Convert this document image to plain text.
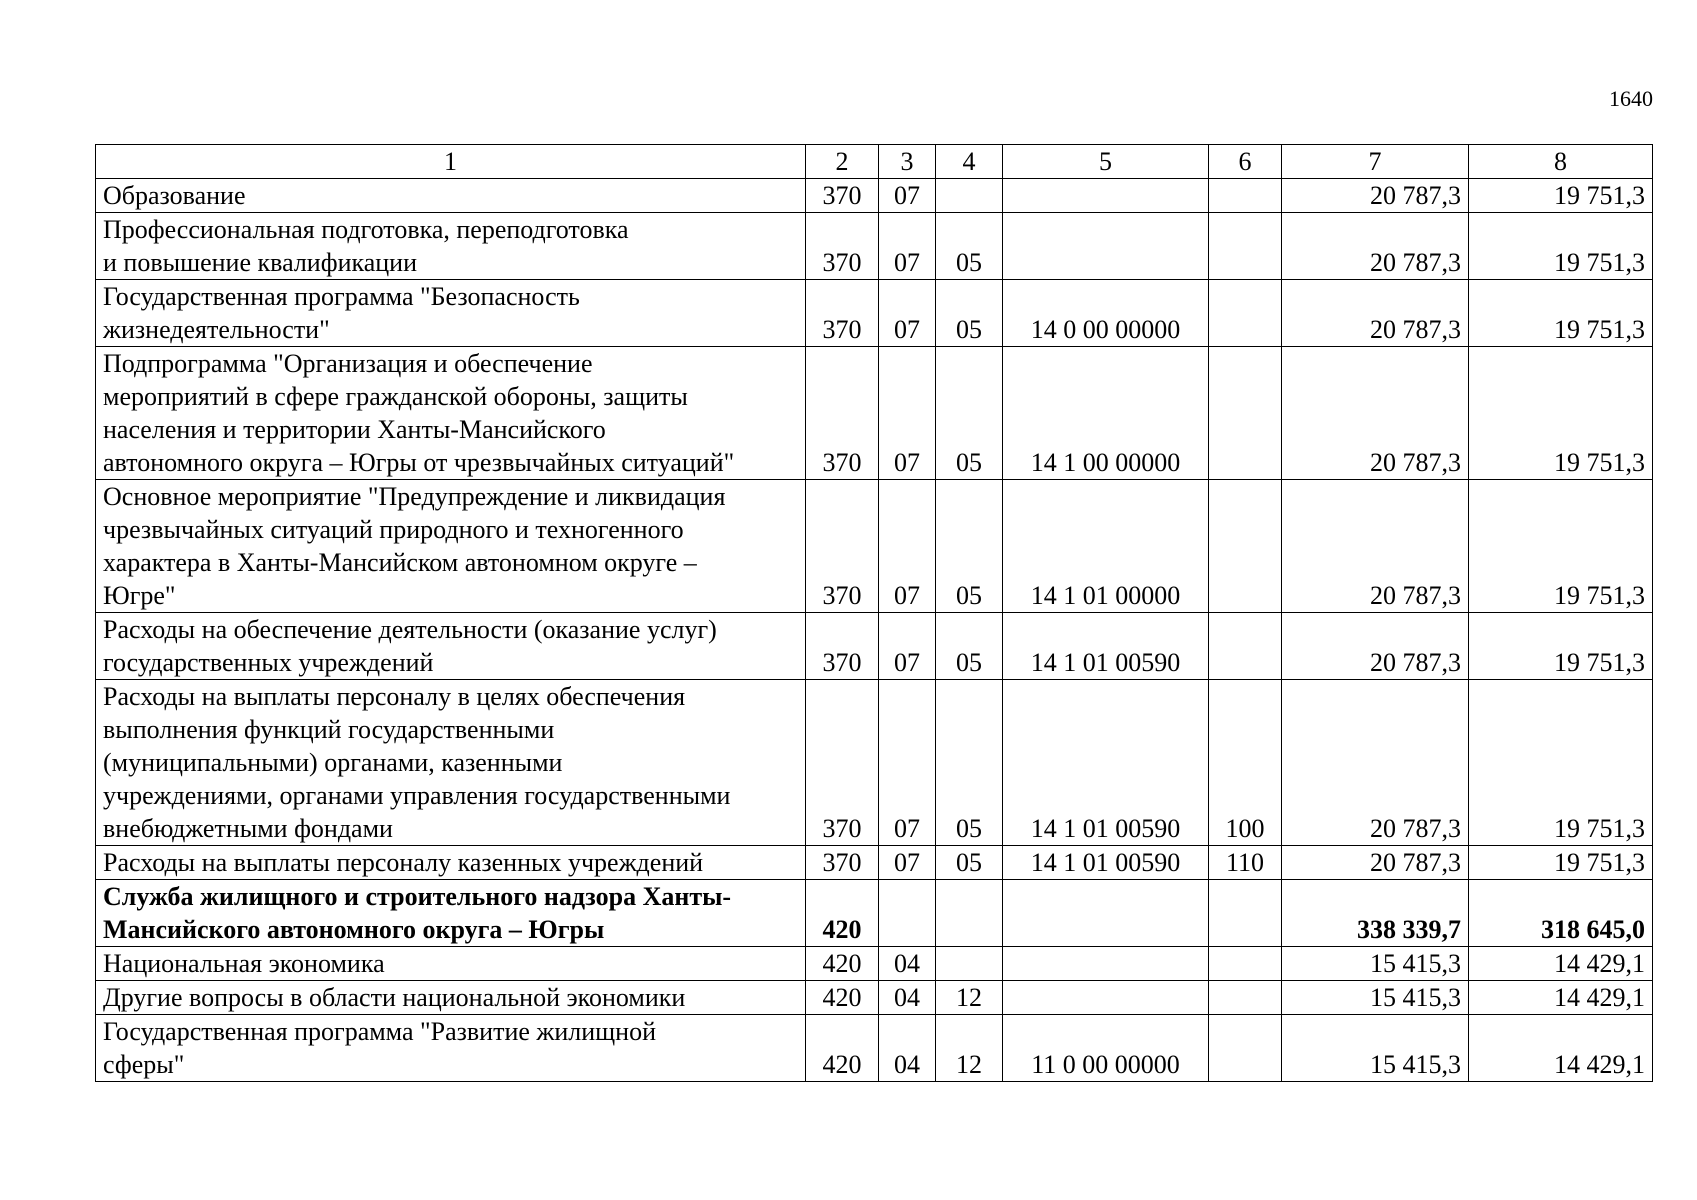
1640
1	2	3	4	5	6	7	8

Образование	370	07				20 787,3	19 751,3

Профессиональная подготовка, переподготовка
и повышение квалификации	370	07	05			20 787,3	19 751,3

Государственная программа "Безопасность
жизнедеятельности"	370	07	05	14 0 00 00000		20 787,3	19 751,3

Подпрограмма "Организация и обеспечение
мероприятий в сфере гражданской обороны, защиты
населения и территории Ханты-Мансийского
автономного округа – Югры от чрезвычайных ситуаций"	370	07	05	14 1 00 00000		20 787,3	19 751,3

Основное мероприятие "Предупреждение и ликвидация
чрезвычайных ситуаций природного и техногенного
характера в Ханты-Мансийском автономном округе –
Югре"	370	07	05	14 1 01 00000		20 787,3	19 751,3

Расходы на обеспечение деятельности (оказание услуг)
государственных учреждений	370	07	05	14 1 01 00590		20 787,3	19 751,3

Расходы на выплаты персоналу в целях обеспечения
выполнения функций государственными
(муниципальными) органами, казенными
учреждениями, органами управления государственными
внебюджетными фондами	370	07	05	14 1 01 00590	100	20 787,3	19 751,3

Расходы на выплаты персоналу казенных учреждений	370	07	05	14 1 01 00590	110	20 787,3	19 751,3

Служба жилищного и строительного надзора Ханты-
Мансийского автономного округа – Югры	420					338 339,7	318 645,0

Национальная экономика	420	04				15 415,3	14 429,1

Другие вопросы в области национальной экономики	420	04	12			15 415,3	14 429,1

Государственная программа "Развитие жилищной
сферы"	420	04	12	11 0 00 00000		15 415,3	14 429,1
